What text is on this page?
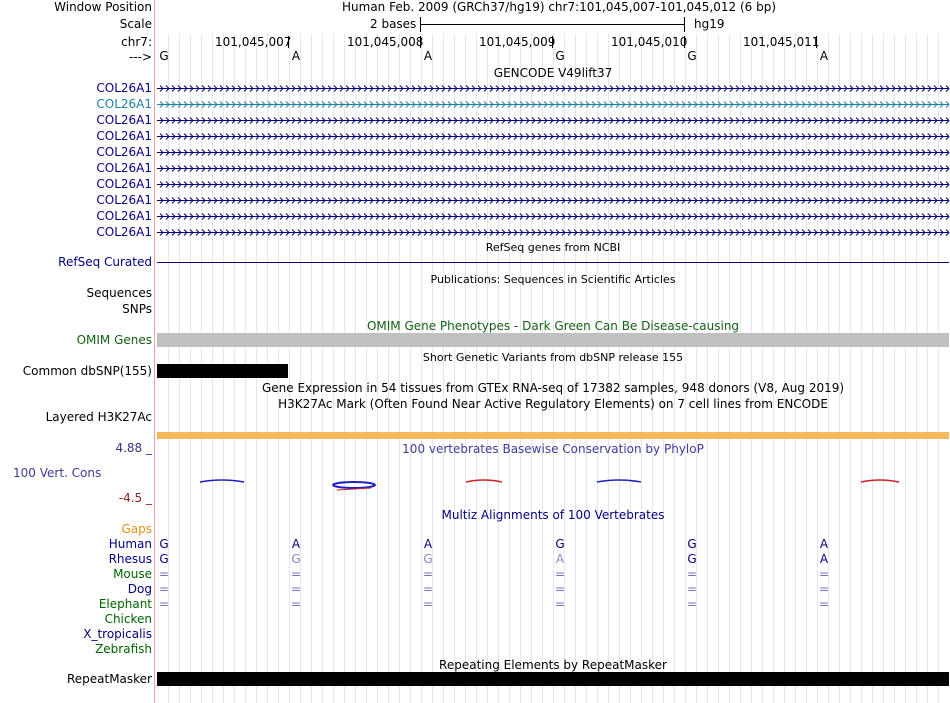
Window Position	Human Feb. 2009 (GRCh37/hg19) chr7:101,045,007-101,045,012 (6 bp)
Scale	2 bases	hg19
chr7:	101,045,007	101,045,008	101,045,009	101,045,010	101,045,011
---> G	A	A	G	G	A
GENCODE V49lift37
COL26A1
COL26A1
COL26A1
COL26A1
COL26A1
COL26A1
COL26A1
COL26A1
COL26A1
COL26A1
RefSeq genes from NCBI
RefSeq Curated
Publications: Sequences in Scientific Articles
Sequences
SNPs
OMIM Gene Phenotypes - Dark Green Can Be Disease-causing
OMIM Genes
Short Genetic Variants from dbSNP release 155
Common dbSNP(155)
Gene Expression in 54 tissues from GTEx RNA-seq of 17382 samples, 948 donors (V8, Aug 2019)
H3K27Ac Mark (Often Found Near Active Regulatory Elements) on 7 cell lines from ENCODE
Layered H3K27Ac
100 vertebrates Basewise Conservation by PhyloP
4.88 _
100 Vert. Cons
-4.5 _
Multiz Alignments of 100 Vertebrates
Gaps
Human G	A	A	G	G	A
Rhesus G	G	G	A	G	A
Mouse =	=	=	=	=	=
Dog =	=	=	=	=	=
Elephant =	=	=	=	=	=
Chicken
X_tropicalis
Zebrafish
Repeating Elements by RepeatMasker
RepeatMasker
